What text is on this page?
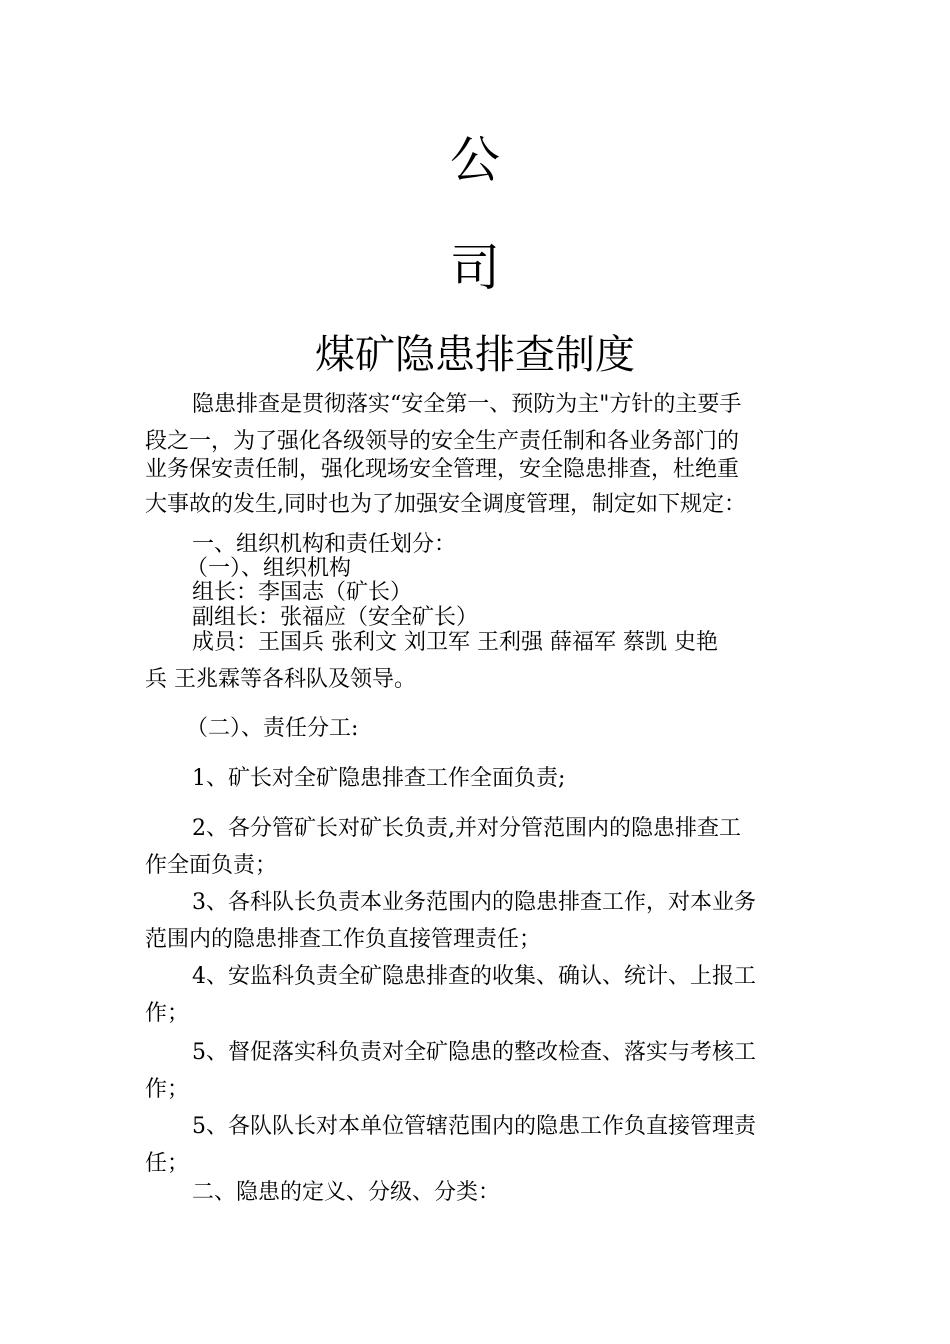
公
司
煤矿隐患排查制度
隐患排查是贯彻落实“安全第一、预防为主"方针的主要手
段之一，为了强化各级领导的安全生产责任制和各业务部门的
业务保安责任制，强化现场安全管理，安全隐患排查，杜绝重
大事故的发生,同时也为了加强安全调度管理，制定如下规定：
一、组织机构和责任划分：
（一）、组织机构
组长：李国志（矿长）
副组长：张福应（安全矿长）
成员：王国兵 张利文 刘卫军 王利强 薛福军 蔡凯 史艳
兵 王兆霖等各科队及领导。
（二）、责任分工:
1、矿长对全矿隐患排查工作全面负责;
2、各分管矿长对矿长负责,并对分管范围内的隐患排查工
作全面负责；
3、各科队长负责本业务范围内的隐患排查工作，对本业务
范围内的隐患排查工作负直接管理责任；
4、安监科负责全矿隐患排查的收集、确认、统计、上报工
作；
5、督促落实科负责对全矿隐患的整改检查、落实与考核工
作；
5、各队队长对本单位管辖范围内的隐患工作负直接管理责
任；
二、隐患的定义、分级、分类：
